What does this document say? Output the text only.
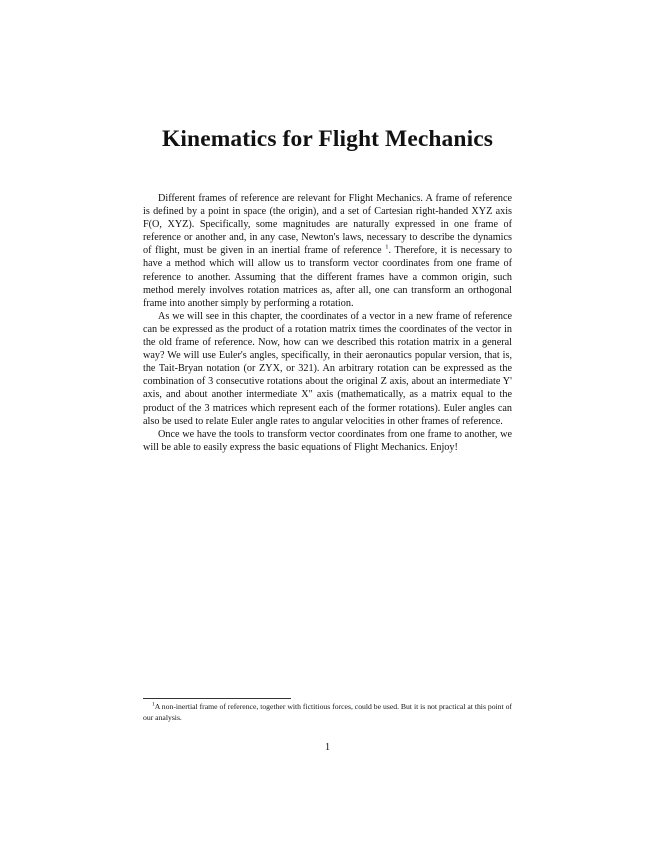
Kinematics for Flight Mechanics

Different frames of reference are relevant for Flight Mechanics. A frame of reference is defined by a point in space (the origin), and a set of Cartesian right-handed XYZ axis F(O, XYZ). Specifically, some magnitudes are naturally expressed in one frame of reference or another and, in any case, Newton's laws, necessary to describe the dynamics of flight, must be given in an inertial frame of reference $^1$. Therefore, it is necessary to have a method which will allow us to transform vector coordinates from one frame of reference to another. Assuming that the different frames have a common origin, such method merely involves rotation matrices as, after all, one can transform an orthogonal frame into another simply by performing a rotation.

As we will see in this chapter, the coordinates of a vector in a new frame of reference can be expressed as the product of a rotation matrix times the coordinates of the vector in the old frame of reference. Now, how can we described this rotation matrix in a general way? We will use Euler's angles, specifically, in their aeronautics popular version, that is, the Tait-Bryan notation (or ZYX, or 321). An arbitrary rotation can be expressed as the combination of 3 consecutive rotations about the original Z axis, about an intermediate Y' axis, and about another intermediate X" axis (mathematically, as a matrix equal to the product of the 3 matrices which represent each of the former rotations). Euler angles can also be used to relate Euler angle rates to angular velocities in other frames of reference.

Once we have the tools to transform vector coordinates from one frame to another, we will be able to easily express the basic equations of Flight Mechanics. Enjoy!

$^1$A non-inertial frame of reference, together with fictitious forces, could be used. But it is not practical at this point of our analysis.

1
